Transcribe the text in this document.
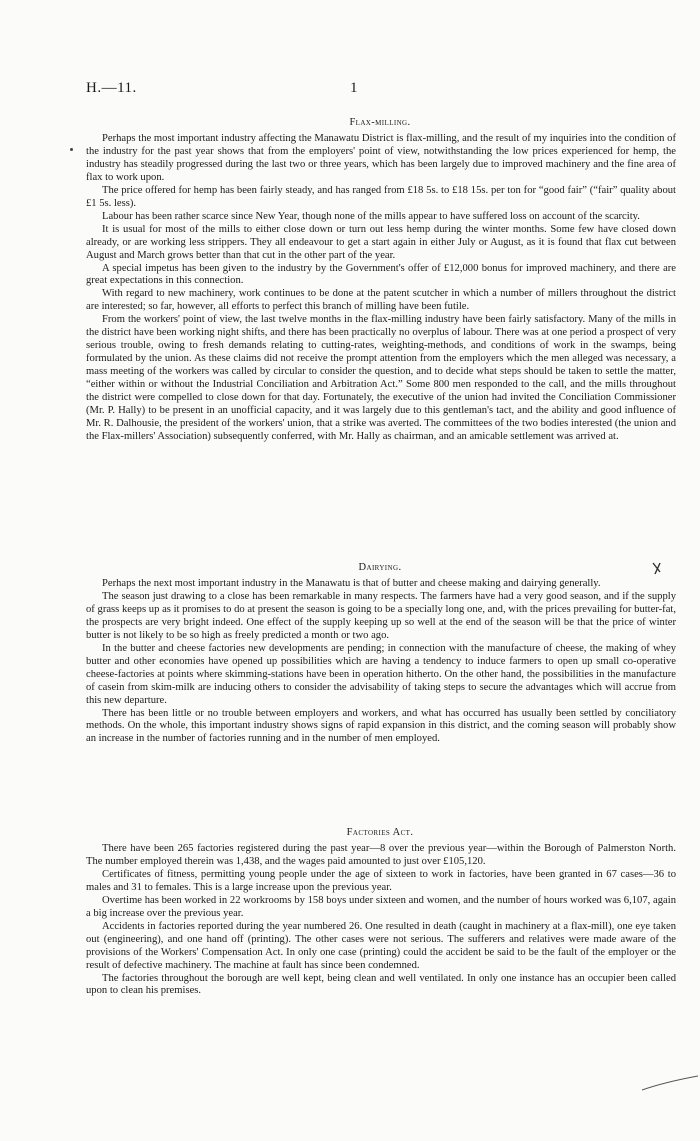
H.—11.	1
Flax-milling.

Perhaps the most important industry affecting the Manawatu District is flax-milling, and the result of my inquiries into the condition of the industry for the past year shows that from the employers' point of view, notwithstanding the low prices experienced for hemp, the industry has steadily progressed during the last two or three years, which has been largely due to improved machinery and the fine area of flax to work upon.

The price offered for hemp has been fairly steady, and has ranged from £18 5s. to £18 15s. per ton for “good fair” (“fair” quality about £1 5s. less).

Labour has been rather scarce since New Year, though none of the mills appear to have suffered loss on account of the scarcity.

It is usual for most of the mills to either close down or turn out less hemp during the winter months. Some few have closed down already, or are working less strippers. They all endeavour to get a start again in either July or August, as it is found that flax cut between August and March grows better than that cut in the other part of the year.

A special impetus has been given to the industry by the Government's offer of £12,000 bonus for improved machinery, and there are great expectations in this connection.

With regard to new machinery, work continues to be done at the patent scutcher in which a number of millers throughout the district are interested; so far, however, all efforts to perfect this branch of milling have been futile.

From the workers' point of view, the last twelve months in the flax-milling industry have been fairly satisfactory. Many of the mills in the district have been working night shifts, and there has been practically no overplus of labour. There was at one period a prospect of very serious trouble, owing to fresh demands relating to cutting-rates, weighting-methods, and conditions of work in the swamps, being formulated by the union. As these claims did not receive the prompt attention from the employers which the men alleged was necessary, a mass meeting of the workers was called by circular to consider the question, and to decide what steps should be taken to settle the matter, “either within or without the Industrial Conciliation and Arbitration Act.” Some 800 men responded to the call, and the mills throughout the district were compelled to close down for that day. Fortunately, the executive of the union had invited the Conciliation Commissioner (Mr. P. Hally) to be present in an unofficial capacity, and it was largely due to this gentleman's tact, and the ability and good influence of Mr. R. Dalhousie, the president of the workers' union, that a strike was averted. The committees of the two bodies interested (the union and the Flax-millers' Association) subsequently conferred, with Mr. Hally as chairman, and an amicable settlement was arrived at.

Dairying.

Perhaps the next most important industry in the Manawatu is that of butter and cheese making and dairying generally.

The season just drawing to a close has been remarkable in many respects. The farmers have had a very good season, and if the supply of grass keeps up as it promises to do at present the season is going to be a specially long one, and, with the prices prevailing for butter-fat, the prospects are very bright indeed. One effect of the supply keeping up so well at the end of the season will be that the price of winter butter is not likely to be so high as freely predicted a month or two ago.

In the butter and cheese factories new developments are pending; in connection with the manufacture of cheese, the making of whey butter and other economies have opened up possibilities which are having a tendency to induce farmers to open up small co-operative cheese-factories at points where skimming-stations have been in operation hitherto. On the other hand, the possibilities in the manufacture of casein from skim-milk are inducing others to consider the advisability of taking steps to secure the advantages which will accrue from this new departure.

There has been little or no trouble between employers and workers, and what has occurred has usually been settled by conciliatory methods. On the whole, this important industry shows signs of rapid expansion in this district, and the coming season will probably show an increase in the number of factories running and in the number of men employed.

Factories Act.

There have been 265 factories registered during the past year—8 over the previous year—within the Borough of Palmerston North. The number employed therein was 1,438, and the wages paid amounted to just over £105,120.

Certificates of fitness, permitting young people under the age of sixteen to work in factories, have been granted in 67 cases—36 to males and 31 to females. This is a large increase upon the previous year.

Overtime has been worked in 22 workrooms by 158 boys under sixteen and women, and the number of hours worked was 6,107, again a big increase over the previous year.

Accidents in factories reported during the year numbered 26. One resulted in death (caught in machinery at a flax-mill), one eye taken out (engineering), and one hand off (printing). The other cases were not serious. The sufferers and relatives were made aware of the provisions of the Workers' Compensation Act. In only one case (printing) could the accident be said to be the fault of the employer or the result of defective machinery. The machine at fault has since been condemned.

The factories throughout the borough are well kept, being clean and well ventilated. In only one instance has an occupier been called upon to clean his premises.
